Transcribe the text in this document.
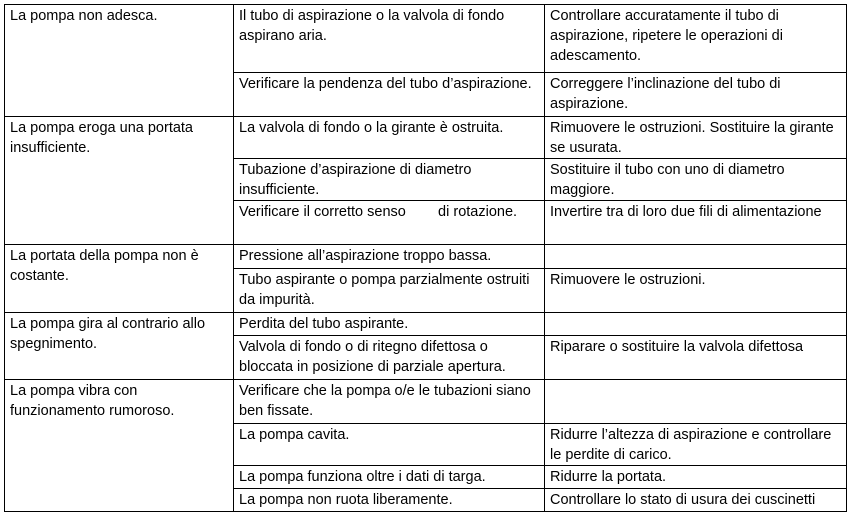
La pompa non adesca.	Il tubo di aspirazione o la valvola di fondo aspirano aria.	Controllare accuratamente il tubo di aspirazione, ripetere le operazioni di adescamento.
	Verificare la pendenza del tubo d’aspirazione.	Correggere l’inclinazione del tubo di aspirazione.
La pompa eroga una portata insufficiente.	La valvola di fondo o la girante è ostruita.	Rimuovere le ostruzioni. Sostituire la girante se usurata.
	Tubazione d’aspirazione di diametro insufficiente.	Sostituire il tubo con uno di diametro maggiore.
	Verificare il corretto senso        di rotazione.	Invertire tra di loro due fili di alimentazione
La portata della pompa non è costante.	Pressione all’aspirazione troppo bassa.	
	Tubo aspirante o pompa parzialmente ostruiti da impurità.	Rimuovere le ostruzioni.
La pompa gira al contrario allo spegnimento.	Perdita del tubo aspirante.	
	Valvola di fondo o di ritegno difettosa o bloccata in posizione di parziale apertura.	Riparare o sostituire la valvola difettosa
La pompa vibra con funzionamento rumoroso.	Verificare che la pompa o/e le tubazioni siano ben fissate.	
	La pompa cavita.	Ridurre l’altezza di aspirazione e controllare le perdite di carico.
	La pompa funziona oltre i dati di targa.	Ridurre la portata.
	La pompa non ruota liberamente.	Controllare lo stato di usura dei cuscinetti
